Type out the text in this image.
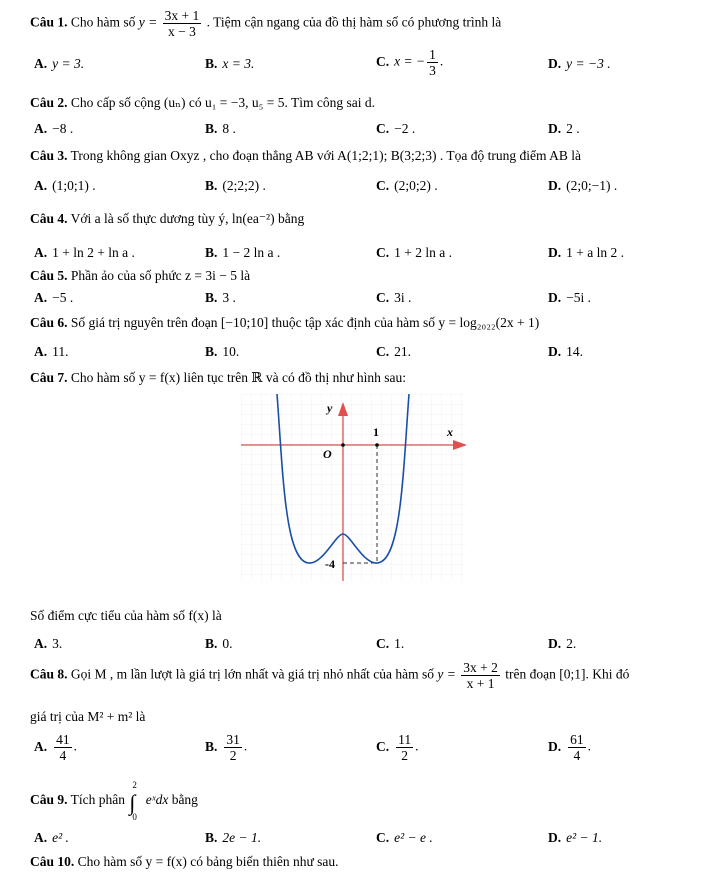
Câu 1. Cho hàm số $y = \frac{3x + 1}{x - 3}$ . Tiệm cận ngang của đồ thị hàm số có phương trình là
A. y = 3.	B. x = 3.	C. x = − $\frac{1}{3}$ .	D. y = −3 .
Câu 2. Cho cấp số cộng (uₙ) có u₁ = −3, u₅ = 5. Tìm công sai d.
A. −8 .	B. 8 .	C. −2 .	D. 2 .
Câu 3. Trong không gian Oxyz , cho đoạn thẳng AB với A(1;2;1); B(3;2;3) . Tọa độ trung điểm AB là
A. (1;0;1) .	B. (2;2;2) .	C. (2;0;2) .	D. (2;0;−1) .
Câu 4. Với a là số thực dương tùy ý, ln(ea⁻²) bằng
A. 1 + ln 2 + ln a .	B. 1 − 2 ln a .	C. 1 + 2 ln a .	D. 1 + a ln 2 .
Câu 5. Phần ảo của số phức z = 3i − 5 là
A. −5 .	B. 3 .	C. 3i .	D. −5i .
Câu 6. Số giá trị nguyên trên đoạn [−10;10] thuộc tập xác định của hàm số y = log₂₀₂₂(2x + 1)
A. 11.	B. 10.	C. 21.	D. 14.
Câu 7. Cho hàm số y = f(x) liên tục trên ℝ và có đồ thị như hình sau:
y
x
O
1
-4
Số điểm cực tiểu của hàm số f(x) là
A. 3.	B. 0.	C. 1.	D. 2.
Câu 8. Gọi M , m lần lượt là giá trị lớn nhất và giá trị nhỏ nhất của hàm số $y = \frac{3x + 2}{x + 1}$ trên đoạn [0;1]. Khi đó
giá trị của M² + m² là
A. $\frac{41}{4}$ .	B. $\frac{31}{2}$ .	C. $\frac{11}{2}$ .	D. $\frac{61}{4}$ .
Câu 9. Tích phân
2
∫
0
eˣdx bằng
A. e² .	B. 2e − 1.	C. e² − e .	D. e² − 1.
Câu 10. Cho hàm số y = f(x) có bảng biến thiên như sau.
